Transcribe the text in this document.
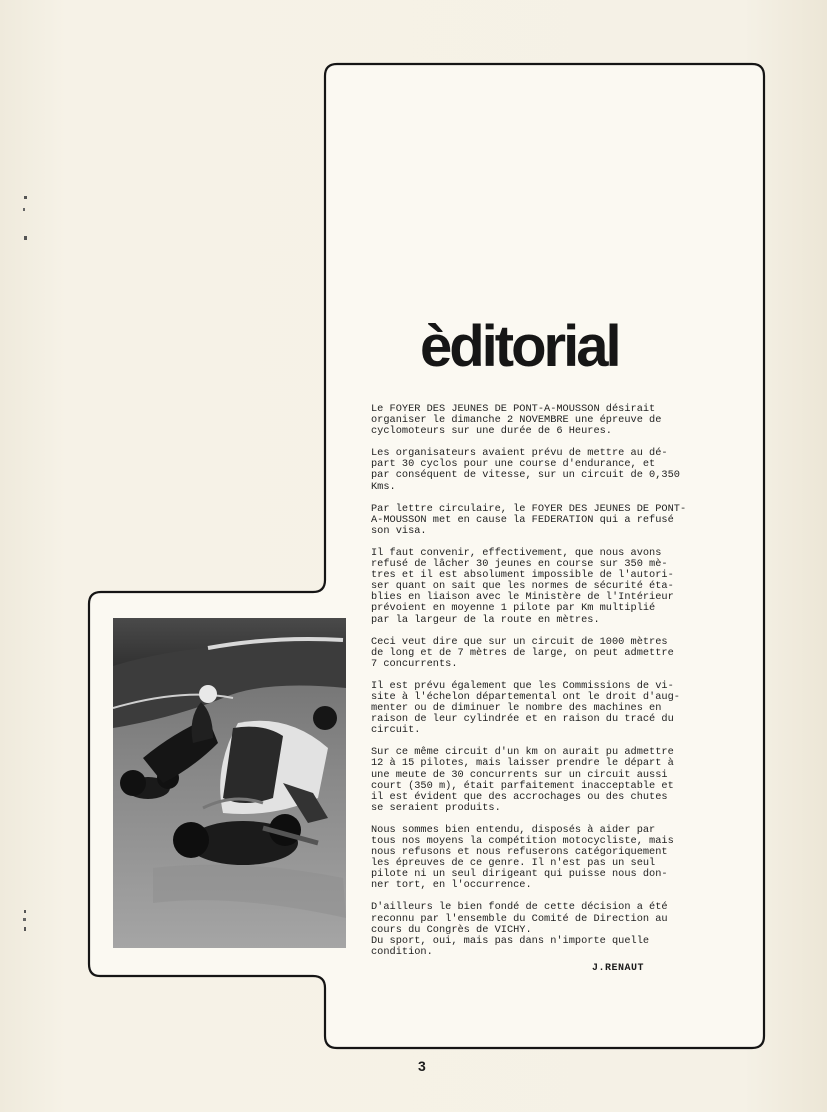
èditorial

Le FOYER DES JEUNES DE PONT-A-MOUSSON désirait
organiser le dimanche 2 NOVEMBRE une épreuve de
cyclomoteurs sur une durée de 6 Heures.

Les organisateurs avaient prévu de mettre au dé-
part 30 cyclos pour une course d'endurance, et
par conséquent de vitesse, sur un circuit de 0,350
Kms.

Par lettre circulaire, le FOYER DES JEUNES DE PONT-
A-MOUSSON met en cause la FEDERATION qui a refusé
son visa.

Il faut convenir, effectivement, que nous avons
refusé de lâcher 30 jeunes en course sur 350 mè-
tres et il est absolument impossible de l'autori-
ser quant on sait que les normes de sécurité éta-
blies en liaison avec le Ministère de l'Intérieur
prévoient en moyenne 1 pilote par Km multiplié
par la largeur de la route en mètres.

Ceci veut dire que sur un circuit de 1000 mètres
de long et de 7 mètres de large, on peut admettre
7 concurrents.

Il est prévu également que les Commissions de vi-
site à l'échelon départemental ont le droit d'aug-
menter ou de diminuer le nombre des machines en
raison de leur cylindrée et en raison du tracé du
circuit.

Sur ce même circuit d'un km on aurait pu admettre
12 à 15 pilotes, mais laisser prendre le départ à
une meute de 30 concurrents sur un circuit aussi
court (350 m), était parfaitement inacceptable et
il est évident que des accrochages ou des chutes
se seraient produits.

Nous sommes bien entendu, disposés à aider par
tous nos moyens la compétition motocycliste, mais
nous refusons et nous refuserons catégoriquement
les épreuves de ce genre. Il n'est pas un seul
pilote ni un seul dirigeant qui puisse nous don-
ner tort, en l'occurrence.

D'ailleurs le bien fondé de cette décision a été
reconnu par l'ensemble du Comité de Direction au
cours du Congrès de VICHY.

Du sport, oui, mais pas dans n'importe quelle
condition.

J.RENAUT
3
